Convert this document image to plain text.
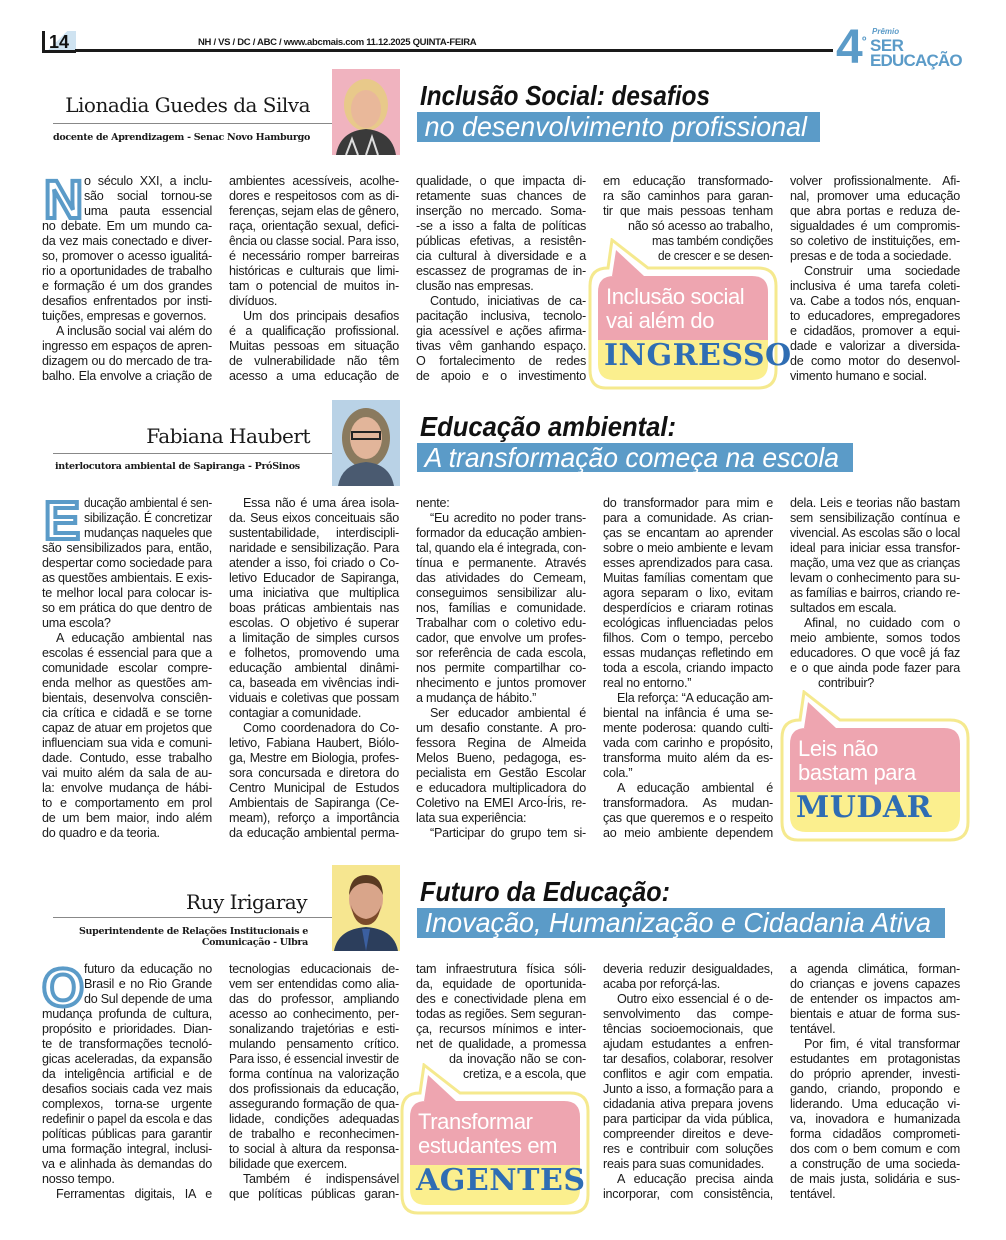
14	NH / VS / DC / ABC / www.abcmais.com 11.12.2025 QUINTA-FEIRA	4 º
Prêmio
SER
EDUCAÇÃO
Lionadia Guedes da Silva
docente de Aprendizagem - Senac Novo Hamburgo
Inclusão Social: desafios
no desenvolvimento profissional
N o século XXI, a inclu-
são social tornou-se
uma pauta essencial
no debate. Em um mundo ca-
da vez mais conectado e diver-
so, promover o acesso igualitá-
rio a oportunidades de trabalho
e formação é um dos grandes
desafios enfrentados por insti-
tuições, empresas e governos.
A inclusão social vai além do
ingresso em espaços de apren-
dizagem ou do mercado de tra-
balho. Ela envolve a criação de
ambientes acessíveis, acolhe-
dores e respeitosos com as di-
ferenças, sejam elas de gênero,
raça, orientação sexual, defici-
ência ou classe social. Para isso,
é necessário romper barreiras
históricas e culturais que limi-
tam o potencial de muitos in-
divíduos.
Um dos principais desafios
é a qualificação profissional.
Muitas pessoas em situação
de vulnerabilidade não têm
acesso a uma educação de
qualidade, o que impacta di-
retamente suas chances de
inserção no mercado. Soma-
-se a isso a falta de políticas
públicas efetivas, a resistên-
cia cultural à diversidade e a
escassez de programas de in-
clusão nas empresas.
Contudo, iniciativas de ca-
pacitação inclusiva, tecnolo-
gia acessível e ações afirma-
tivas vêm ganhando espaço.
O fortalecimento de redes
de apoio e o investimento
em educação transformado-
ra são caminhos para garan-
tir que mais pessoas tenham
não só acesso ao trabalho,
mas também condições
de crescer e se desen-
volver profissionalmente. Afi-
nal, promover uma educação
que abra portas e reduza de-
sigualdades é um compromis-
so coletivo de instituições, em-
presas e de toda a sociedade.
Construir uma sociedade
inclusiva é uma tarefa coleti-
va. Cabe a todos nós, enquan-
to educadores, empregadores
e cidadãos, promover a equi-
dade e valorizar a diversida-
de como motor do desenvol-
vimento humano e social.
Inclusão social
vai além do
INGRESSO
Fabiana Haubert
interlocutora ambiental de Sapiranga - PróSinos
Educação ambiental:
A transformação começa na escola
E ducação ambiental é sen-
sibilização. É concretizar
mudanças naqueles que
são sensibilizados para, então,
despertar como sociedade para
as questões ambientais. E exis-
te melhor local para colocar is-
so em prática do que dentro de
uma escola?
A educação ambiental nas
escolas é essencial para que a
comunidade escolar compre-
enda melhor as questões am-
bientais, desenvolva consciên-
cia crítica e cidadã e se torne
capaz de atuar em projetos que
influenciam sua vida e comuni-
dade. Contudo, esse trabalho
vai muito além da sala de au-
la: envolve mudança de hábi-
to e comportamento em prol
de um bem maior, indo além
do quadro e da teoria.
Essa não é uma área isola-
da. Seus eixos conceituais são
sustentabilidade, interdiscipli-
naridade e sensibilização. Para
atender a isso, foi criado o Co-
letivo Educador de Sapiranga,
uma iniciativa que multiplica
boas práticas ambientais nas
escolas. O objetivo é superar
a limitação de simples cursos
e folhetos, promovendo uma
educação ambiental dinâmi-
ca, baseada em vivências indi-
viduais e coletivas que possam
contagiar a comunidade.
Como coordenadora do Co-
letivo, Fabiana Haubert, Biólo-
ga, Mestre em Biologia, profes-
sora concursada e diretora do
Centro Municipal de Estudos
Ambientais de Sapiranga (Ce-
meam), reforço a importância
da educação ambiental perma-
nente:
“Eu acredito no poder trans-
formador da educação ambien-
tal, quando ela é integrada, con-
tínua e permanente. Através
das atividades do Cemeam,
conseguimos sensibilizar alu-
nos, famílias e comunidade.
Trabalhar com o coletivo edu-
cador, que envolve um profes-
sor referência de cada escola,
nos permite compartilhar co-
nhecimento e juntos promover
a mudança de hábito.”
Ser educador ambiental é
um desafio constante. A pro-
fessora Regina de Almeida
Melos Bueno, pedagoga, es-
pecialista em Gestão Escolar
e educadora multiplicadora do
Coletivo na EMEI Arco-Íris, re-
lata sua experiência:
“Participar do grupo tem si-
do transformador para mim e
para a comunidade. As crian-
ças se encantam ao aprender
sobre o meio ambiente e levam
esses aprendizados para casa.
Muitas famílias comentam que
agora separam o lixo, evitam
desperdícios e criaram rotinas
ecológicas influenciadas pelos
filhos. Com o tempo, percebo
essas mudanças refletindo em
toda a escola, criando impacto
real no entorno.”
Ela reforça: “A educação am-
biental na infância é uma se-
mente poderosa: quando culti-
vada com carinho e propósito,
transforma muito além da es-
cola.”
A educação ambiental é
transformadora. As mudan-
ças que queremos e o respeito
ao meio ambiente dependem
dela. Leis e teorias não bastam
sem sensibilização contínua e
vivencial. As escolas são o local
ideal para iniciar essa transfor-
mação, uma vez que as crianças
levam o conhecimento para su-
as famílias e bairros, criando re-
sultados em escala.
Afinal, no cuidado com o
meio ambiente, somos todos
educadores. O que você já faz
e o que ainda pode fazer para
contribuir?
Leis não
bastam para
MUDAR
Ruy Irigaray
Superintendente de Relações Institucionais e
Comunicação - Ulbra
Futuro da Educação:
Inovação, Humanização e Cidadania Ativa
O futuro da educação no
Brasil e no Rio Grande
do Sul depende de uma
mudança profunda de cultura,
propósito e prioridades. Dian-
te de transformações tecnoló-
gicas aceleradas, da expansão
da inteligência artificial e de
desafios sociais cada vez mais
complexos, torna-se urgente
redefinir o papel da escola e das
políticas públicas para garantir
uma formação integral, inclusi-
va e alinhada às demandas do
nosso tempo.
Ferramentas digitais, IA e
tecnologias educacionais de-
vem ser entendidas como alia-
das do professor, ampliando
acesso ao conhecimento, per-
sonalizando trajetórias e esti-
mulando pensamento crítico.
Para isso, é essencial investir de
forma contínua na valorização
dos profissionais da educação,
assegurando formação de qua-
lidade, condições adequadas
de trabalho e reconhecimen-
to social à altura da responsa-
bilidade que exercem.
Também é indispensável
que políticas públicas garan-
tam infraestrutura física sóli-
da, equidade de oportunida-
des e conectividade plena em
todas as regiões. Sem seguran-
ça, recursos mínimos e inter-
net de qualidade, a promessa
da inovação não se con-
cretiza, e a escola, que
deveria reduzir desigualdades,
acaba por reforçá-las.
Outro eixo essencial é o de-
senvolvimento das compe-
tências socioemocionais, que
ajudam estudantes a enfren-
tar desafios, colaborar, resolver
conflitos e agir com empatia.
Junto a isso, a formação para a
cidadania ativa prepara jovens
para participar da vida pública,
compreender direitos e deve-
res e contribuir com soluções
reais para suas comunidades.
A educação precisa ainda
incorporar, com consistência,
a agenda climática, forman-
do crianças e jovens capazes
de entender os impactos am-
bientais e atuar de forma sus-
tentável.
Por fim, é vital transformar
estudantes em protagonistas
do próprio aprender, investi-
gando, criando, propondo e
liderando. Uma educação vi-
va, inovadora e humanizada
forma cidadãos comprometi-
dos com o bem comum e com
a construção de uma socieda-
de mais justa, solidária e sus-
tentável.
Transformar
estudantes em
AGENTES
